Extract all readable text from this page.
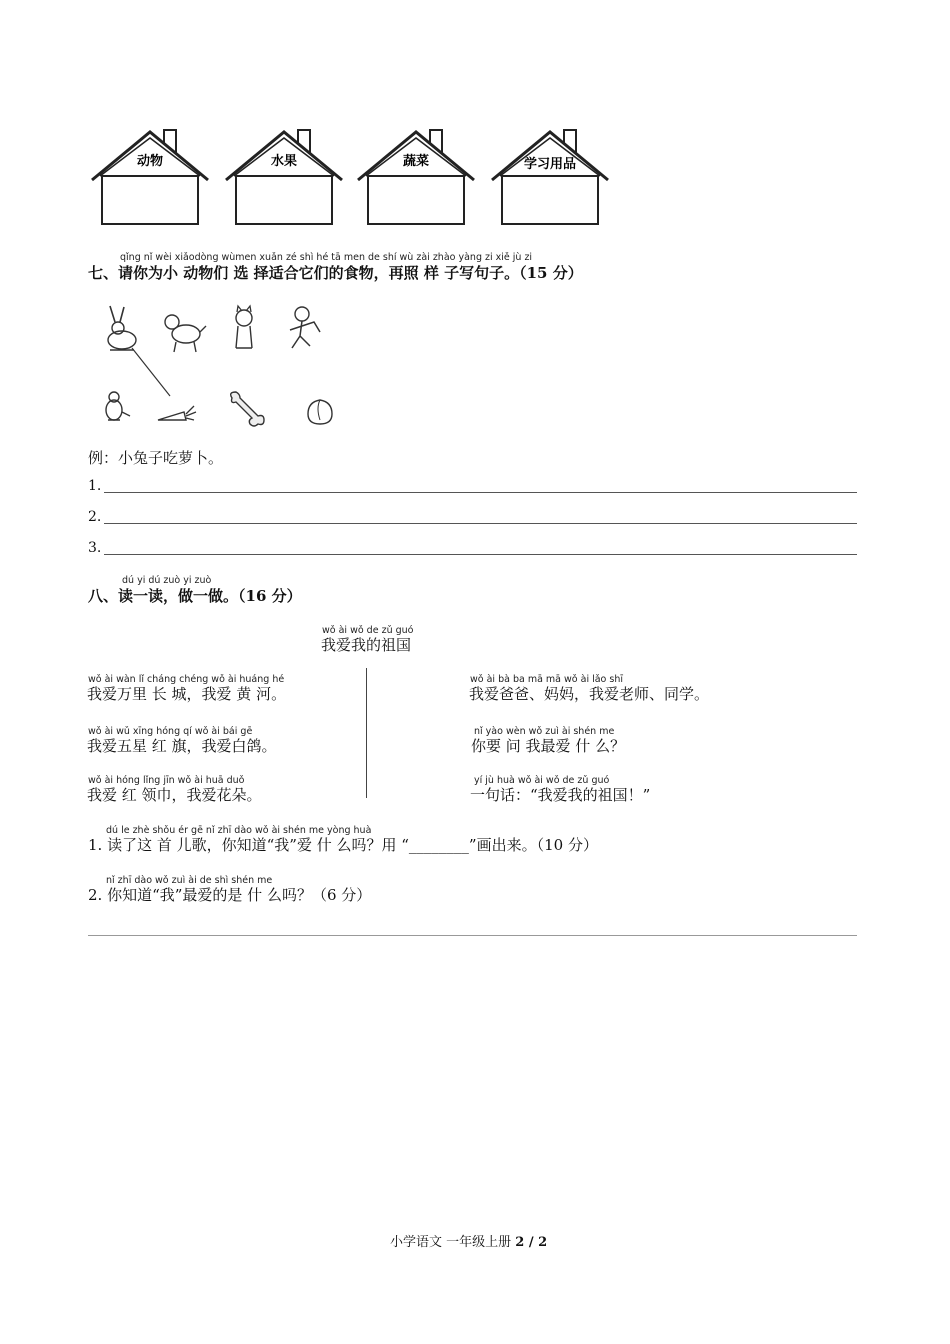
动物	水果	蔬菜	学习用品
qǐng nǐ wèi xiǎodòng wùmen xuǎn zé shì hé tā men de shí wù zài zhào yàng zi xiě jù zi
七、请你为小 动物们 选 择适合它们的食物，再照 样 子写句子。（15 分）
例：小兔子吃萝卜。
1.
2.
3.
dú yi dú zuò yi zuò
八、读一读，做一做。（16 分）
wǒ ài wǒ de zǔ guó
我爱我的祖国
wǒ ài wàn lǐ cháng chéng wǒ ài huáng hé
我爱万里 长 城，我爱 黄 河。
wǒ ài wǔ xīng hóng qí wǒ ài bái gē
我爱五星 红 旗，我爱白鸽。
wǒ ài hóng lǐng jīn wǒ ài huā duǒ
我爱 红 领巾，我爱花朵。
wǒ ài bà ba mā mā wǒ ài lǎo shī
我爱爸爸、妈妈，我爱老师、同学。
nǐ yào wèn wǒ zuì ài shén me
你要 问 我最爱 什 么？
yí jù huà wǒ ài wǒ de zǔ guó
一句话：“我爱我的祖国！”
dú le zhè shǒu ér gē nǐ zhī dào wǒ ài shén me yòng huà
1. 读了这 首 儿歌，你知道“我”爱 什 么吗？用 “________”画出来。（10 分）
nǐ zhī dào wǒ zuì ài de shì shén me
2. 你知道“我”最爱的是 什 么吗？（6 分）
小学语文 一年级上册 2 / 2
